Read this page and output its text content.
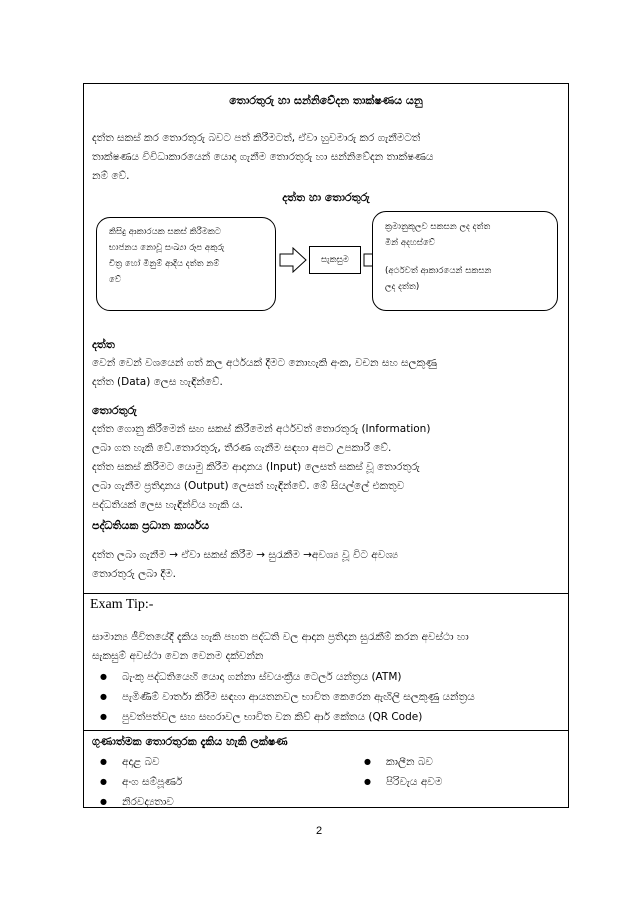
තොරතුරු හා සන්නිවේදන තාක්ෂණය යනු
දත්ත සකස් කර තොරතුරු බවට පත් කිරීමටත්, ඒවා හුවමාරු කර ගැනීමටත්
තාක්ෂණය විවිධාකාරයෙන් යොදා ගැනීම තොරතුරු හා සන්නිවේදන තාක්ෂණය
නම් වේ.
දත්ත හා තොරතුරු
කිසිදු ආකාරයක සකස් කිරීමකට
භාජනය නොවූ සංඛ්‍යා රූප අකුරු
චිත්‍ර හෝ මිනුම් ආදිය දත්ත නම්
වේ
සැකසුම
ක්‍රමානුකූලව සකසන ලද දත්ත
මින් අදහස්වේ
(අර්ථවත් ආකාරයෙන් සකසන
ලද දත්ත)
දත්ත
වෙන් වෙන් වශයෙන් ගත් කල අර්ථයක් දීමට නොහැකි අංක, වචන සහ සලකුණු
දත්ත (Data) ලෙස හැඳින්වේ.
තොරතුරු
දත්ත ගොනු කිරීමෙන් සහ සකස් කිරීමෙන් අර්ථවත් තොරතුරු (Information)
ලබා ගත හැකි වේ.තොරතුරු, තීරණ ගැනීම සඳහා අපට උපකාරී වේ.
දත්ත සකස් කිරීමට යොමු කිරීම ආදානය (Input) ලෙසත් සකස් වූ තොරතුරු
ලබා ගැනීම ප්‍රතිදානය (Output) ලෙසත් හැඳින්වේ. මේ සියල්ලේ එකතුව
පද්ධතියක් ලෙස හැඳින්විය හැකි ය.
පද්ධතියක ප්‍රධාන කාර්යය
දත්ත ලබා ගැනීම → ඒවා සකස් කිරීම → සුරැකීම →අවශ්‍ය වූ විට අවශ්‍ය
තොරතුරු ලබා දීම.
Exam Tip:-
සාමාන්‍ය ජීවිතයේදී දැකිය හැකි පහත පද්ධති වල ආදාන ප්‍රතිදාන සුරැකීම් කරන අවස්ථා හා
සැකසුම් අවස්ථා වෙන වෙනම දක්වන්න
● බැංකු පද්ධතියෙහි යොදා ගන්නා ස්වයංක්‍රීය ටෙලර් යන්ත්‍රය (ATM)
● පැමිණීම් වාර්තා කිරීම සඳහා ආයතනවල භාවිත කෙරෙන ඇඟිලි සලකුණු යන්ත්‍රය
● පුවත්පත්වල සහ සඟරාවල භාවිත වන කිව් ආර් කේතය (QR Code)
ගුණාත්මක තොරතුරක දැකිය හැකි ලක්ෂණ
● අදාළ බව
● අංග සම්පූර්ණ
● නිරවද්‍යතාව
● කාලීන බව
● පිරිවැය අවම
2
